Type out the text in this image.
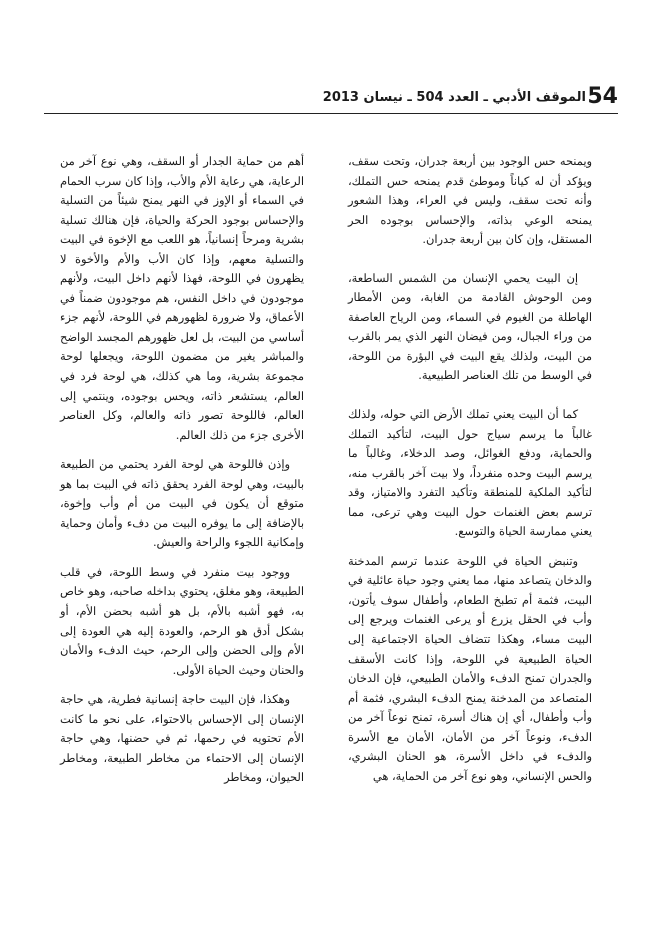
54
الموقف الأدبي ـ العدد 504 ـ نيسان 2013

ويمنحه حس الوجود بين أربعة جدران، وتحت سقف، ويؤكد أن له كياناً وموطئ قدم يمنحه حس التملك، وأنه تحت سقف، وليس في العراء، وهذا الشعور يمنحه الوعي بذاته، والإحساس بوجوده الحر المستقل، وإن كان بين أربعة جدران.

إن البيت يحمي الإنسان من الشمس الساطعة، ومن الوحوش القادمة من الغابة، ومن الأمطار الهاطلة من الغيوم في السماء، ومن الرياح العاصفة من وراء الجبال، ومن فيضان النهر الذي يمر بالقرب من البيت، ولذلك يقع البيت في البؤرة من اللوحة، في الوسط من تلك العناصر الطبيعية.

كما أن البيت يعني تملك الأرض التي حوله، ولذلك غالباً ما يرسم سياج حول البيت، لتأكيد التملك والحماية، ودفع الغوائل، وصد الدخلاء، وغالباً ما يرسم البيت وحده منفرداً، ولا بيت آخر بالقرب منه، لتأكيد الملكية للمنطقة وتأكيد التفرد والامتياز، وقد ترسم بعض الغنمات حول البيت وهي ترعى، مما يعني ممارسة الحياة والتوسع.

وتنبض الحياة في اللوحة عندما ترسم المدخنة والدخان يتصاعد منها، مما يعني وجود حياة عائلية في البيت، فثمة أم تطبخ الطعام، وأطفال سوف يأتون، وأب في الحقل يزرع أو يرعى الغنمات ويرجع إلى البيت مساء، وهكذا تتضاف الحياة الاجتماعية إلى الحياة الطبيعية في اللوحة، وإذا كانت الأسقف والجدران تمنح الدفء والأمان الطبيعي، فإن الدخان المتصاعد من المدخنة يمنح الدفء البشري، فثمة أم وأب وأطفال، أي إن هناك أسرة، تمنح نوعاً آخر من الدفء، ونوعاً آخر من الأمان، الأمان مع الأسرة والدفء في داخل الأسرة، هو الحنان البشري، والحس الإنساني، وهو نوع آخر من الحماية، هي

أهم من حماية الجدار أو السقف، وهي نوع آخر من الرعاية، هي رعاية الأم والأب، وإذا كان سرب الحمام في السماء أو الإوز في النهر يمنح شيئاً من التسلية والإحساس بوجود الحركة والحياة، فإن هنالك تسلية بشرية ومرحاً إنسانياً، هو اللعب مع الإخوة في البيت والتسلية معهم، وإذا كان الأب والأم والأخوة لا يظهرون في اللوحة، فهذا لأنهم داخل البيت، ولأنهم موجودون في داخل النفس، هم موجودون ضمناً في الأعماق، ولا ضرورة لظهورهم في اللوحة، لأنهم جزء أساسي من البيت، بل لعل ظهورهم المجسد الواضح والمباشر يغير من مضمون اللوحة، ويجعلها لوحة مجموعة بشرية، وما هي كذلك، هي لوحة فرد في العالم، يستشعر ذاته، ويحس بوجوده، وينتمي إلى العالم، فاللوحة تصور ذاته والعالم، وكل العناصر الأخرى جزء من ذلك العالم.

وإذن فاللوحة هي لوحة الفرد يحتمي من الطبيعة بالبيت، وهي لوحة الفرد يحقق ذاته في البيت بما هو متوقع أن يكون في البيت من أم وأب وإخوة، بالإضافة إلى ما يوفره البيت من دفء وأمان وحماية وإمكانية اللجوء والراحة والعيش.

ووجود بيت منفرد في وسط اللوحة، في قلب الطبيعة، وهو مغلق، يحتوي بداخله صاحبه، وهو خاص به، فهو أشبه بالأم، بل هو أشبه بحضن الأم، أو بشكل أدق هو الرحم، والعودة إليه هي العودة إلى الأم وإلى الحضن وإلى الرحم، حيث الدفء والأمان والحنان وحيث الحياة الأولى.

وهكذا، فإن البيت حاجة إنسانية فطرية، هي حاجة الإنسان إلى الإحساس بالاحتواء، على نحو ما كانت الأم تحتويه في رحمها، ثم في حضنها، وهي حاجة الإنسان إلى الاحتماء من مخاطر الطبيعة، ومخاطر الحيوان، ومخاطر
